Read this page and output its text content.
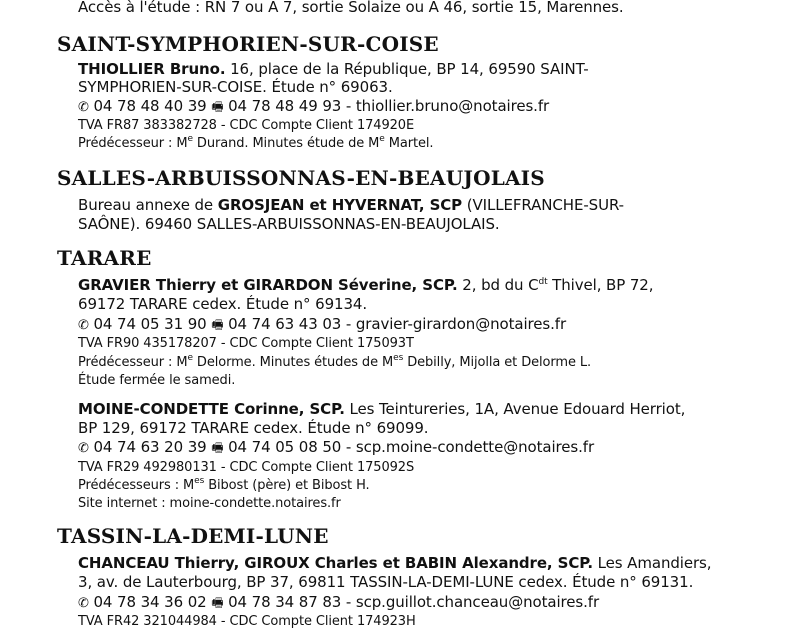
Accès à l'étude : RN 7 ou A 7, sortie Solaize ou A 46, sortie 15, Marennes.
SAINT-SYMPHORIEN-SUR-COISE
THIOLLIER Bruno. 16, place de la République, BP 14, 69590 SAINT-
SYMPHORIEN-SUR-COISE. Étude n° 69063.
✆ 04 78 48 40 39 🖷 04 78 48 49 93 - thiollier.bruno@notaires.fr
TVA FR87 383382728 - CDC Compte Client 174920E
Prédécesseur : Me Durand. Minutes étude de Me Martel.
SALLES-ARBUISSONNAS-EN-BEAUJOLAIS
Bureau annexe de GROSJEAN et HYVERNAT, SCP (VILLEFRANCHE-SUR-
SAÔNE). 69460 SALLES-ARBUISSONNAS-EN-BEAUJOLAIS.
TARARE
GRAVIER Thierry et GIRARDON Séverine, SCP. 2, bd du $C^{dt}$ Thivel, BP 72,
69172 TARARE cedex. Étude n° 69134.
✆ 04 74 05 31 90 🖷 04 74 63 43 03 - gravier-girardon@notaires.fr
TVA FR90 435178207 - CDC Compte Client 175093T
Prédécesseur : Me Delorme. Minutes études de $M^{es}$ Debilly, Mijolla et Delorme L.
Étude fermée le samedi.
MOINE-CONDETTE Corinne, SCP. Les Teintureries, 1A, Avenue Edouard Herriot,
BP 129, 69172 TARARE cedex. Étude n° 69099.
✆ 04 74 63 20 39 🖷 04 74 05 08 50 - scp.moine-condette@notaires.fr
TVA FR29 492980131 - CDC Compte Client 175092S
Prédécesseurs : $M^{es}$ Bibost (père) et Bibost H.
Site internet : moine-condette.notaires.fr
TASSIN-LA-DEMI-LUNE
CHANCEAU Thierry, GIROUX Charles et BABIN Alexandre, SCP. Les Amandiers,
3, av. de Lauterbourg, BP 37, 69811 TASSIN-LA-DEMI-LUNE cedex. Étude n° 69131.
✆ 04 78 34 36 02 🖷 04 78 34 87 83 - scp.guillot.chanceau@notaires.fr
TVA FR42 321044984 - CDC Compte Client 174923H
